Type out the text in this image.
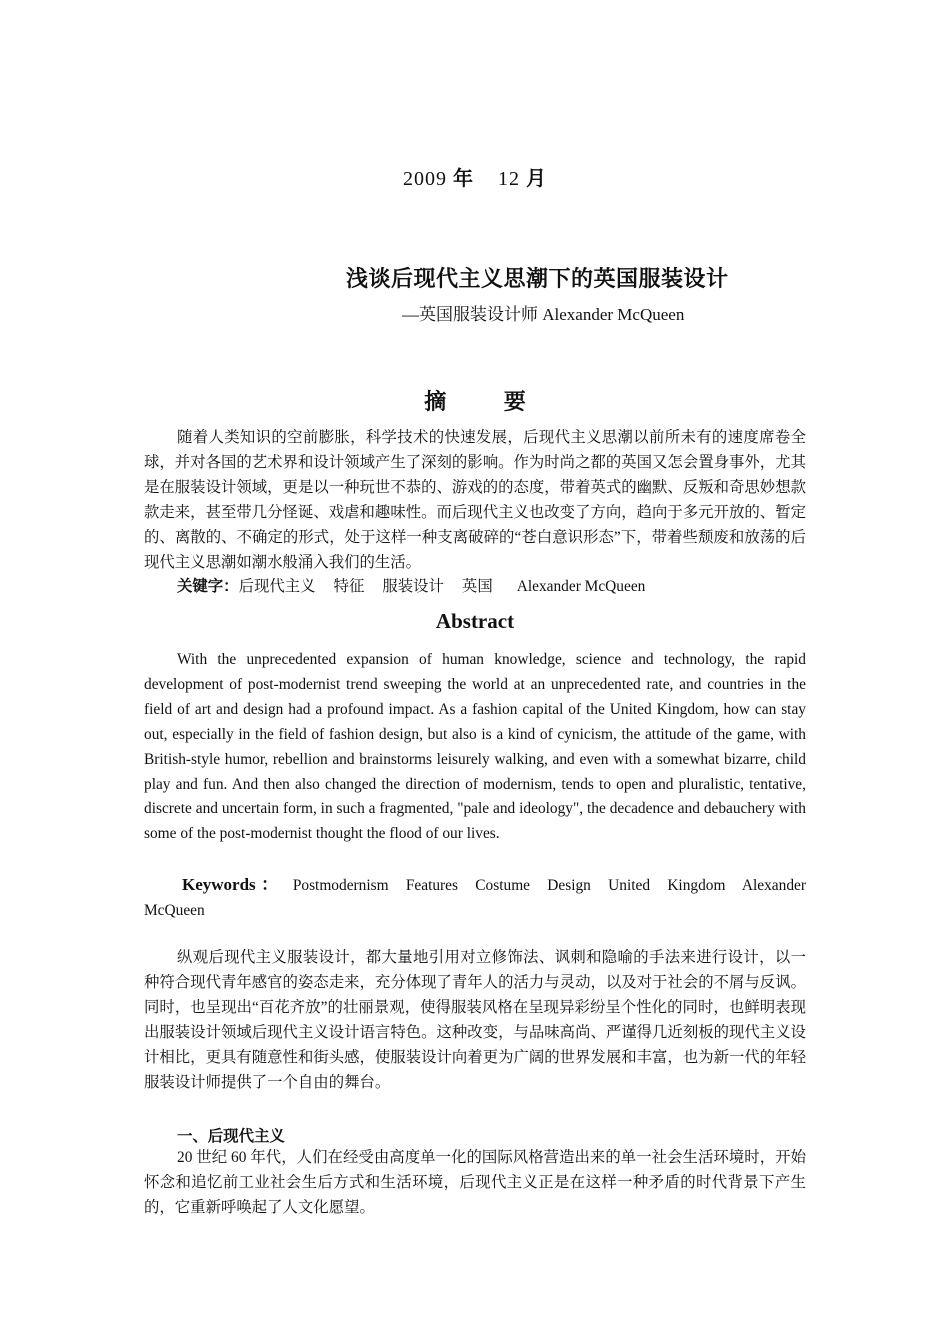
2009 年 12 月
浅谈后现代主义思潮下的英国服装设计
—英国服装设计师 Alexander McQueen
摘 要
随着人类知识的空前膨胀，科学技术的快速发展，后现代主义思潮以前所未有的速度席卷全球，并对各国的艺术界和设计领域产生了深刻的影响。作为时尚之都的英国又怎会置身事外，尤其是在服装设计领域，更是以一种玩世不恭的、游戏的的态度，带着英式的幽默、反叛和奇思妙想款款走来，甚至带几分怪诞、戏虐和趣味性。而后现代主义也改变了方向，趋向于多元开放的、暂定的、离散的、不确定的形式，处于这样一种支离破碎的“苍白意识形态”下，带着些颓废和放荡的后现代主义思潮如潮水般涌入我们的生活。
关键字：后现代主义 特征 服装设计 英国 Alexander McQueen
Abstract
With the unprecedented expansion of human knowledge, science and technology, the rapid development of post-modernist trend sweeping the world at an unprecedented rate, and countries in the field of art and design had a profound impact. As a fashion capital of the United Kingdom, how can stay out, especially in the field of fashion design, but also is a kind of cynicism, the attitude of the game, with British-style humor, rebellion and brainstorms leisurely walking, and even with a somewhat bizarre, child play and fun. And then also changed the direction of modernism, tends to open and pluralistic, tentative, discrete and uncertain form, in such a fragmented, "pale and ideology", the decadence and debauchery with some of the post-modernist thought the flood of our lives.
Keywords： Postmodernism Features Costume Design United Kingdom Alexander McQueen
纵观后现代主义服装设计，都大量地引用对立修饰法、讽刺和隐喻的手法来进行设计，以一种符合现代青年感官的姿态走来，充分体现了青年人的活力与灵动，以及对于社会的不屑与反讽。同时，也呈现出“百花齐放”的壮丽景观，使得服装风格在呈现异彩纷呈个性化的同时，也鲜明表现出服装设计领域后现代主义设计语言特色。这种改变，与品味高尚、严谨得几近刻板的现代主义设计相比，更具有随意性和街头感，使服装设计向着更为广阔的世界发展和丰富，也为新一代的年轻服装设计师提供了一个自由的舞台。
一、后现代主义
20 世纪 60 年代，人们在经受由高度单一化的国际风格营造出来的单一社会生活环境时，开始怀念和追忆前工业社会生后方式和生活环境，后现代主义正是在这样一种矛盾的时代背景下产生的，它重新呼唤起了人文化愿望。
